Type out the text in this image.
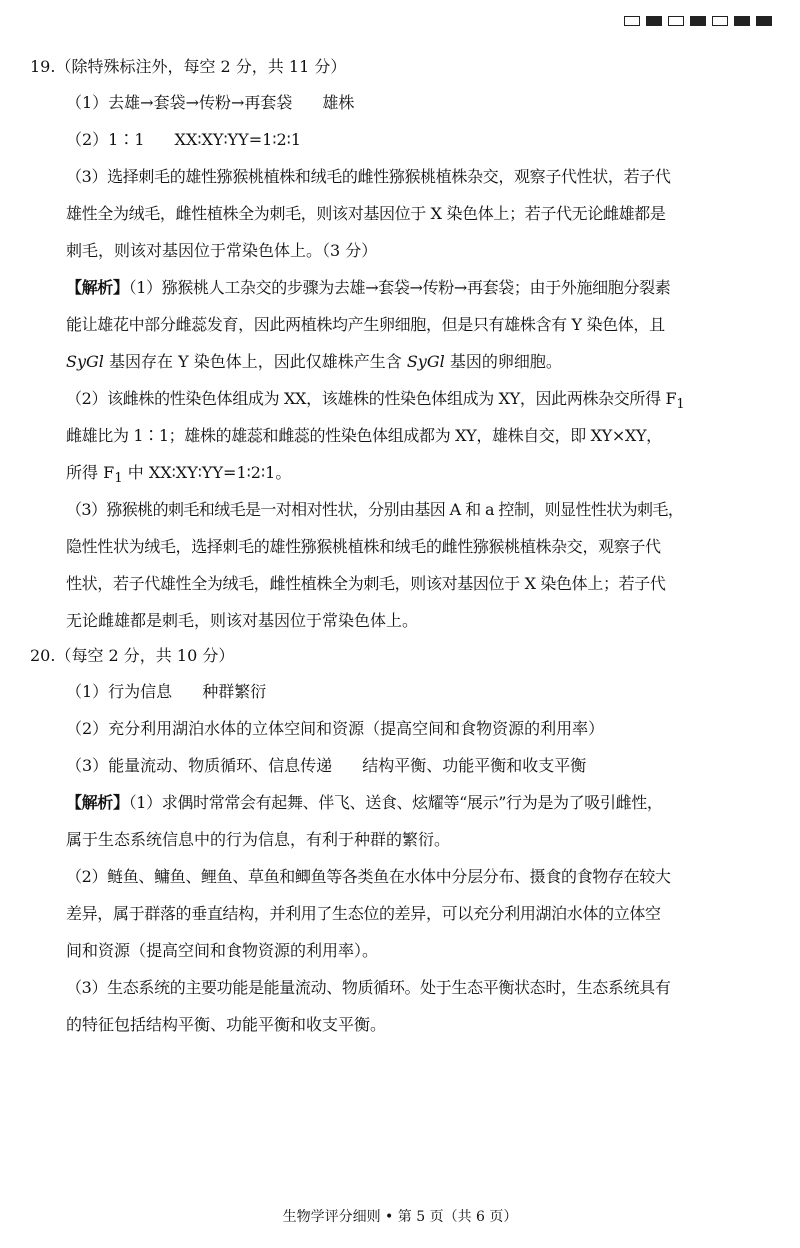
19.（除特殊标注外，每空 2 分，共 11 分）
（1）去雄→套袋→传粉→再套袋 雄株
（2）1∶1 XX∶XY∶YY=1∶2∶1
（3）选择刺毛的雄性猕猴桃植株和绒毛的雌性猕猴桃植株杂交，观察子代性状，若子代
雄性全为绒毛，雌性植株全为刺毛，则该对基因位于 X 染色体上；若子代无论雌雄都是
刺毛，则该对基因位于常染色体上。（3 分）
【解析】（1）猕猴桃人工杂交的步骤为去雄→套袋→传粉→再套袋；由于外施细胞分裂素
能让雄花中部分雌蕊发育，因此两植株均产生卵细胞，但是只有雄株含有 Y 染色体，且
SyGl 基因存在 Y 染色体上，因此仅雄株产生含 SyGl 基因的卵细胞。
（2）该雌株的性染色体组成为 XX，该雄株的性染色体组成为 XY，因此两株杂交所得 $F_1$
雌雄比为 1∶1；雄株的雄蕊和雌蕊的性染色体组成都为 XY，雄株自交，即 XY×XY，
所得 $F_1$ 中 XX∶XY∶YY=1∶2∶1。
（3）猕猴桃的刺毛和绒毛是一对相对性状，分别由基因 A 和 a 控制，则显性性状为刺毛，
隐性性状为绒毛，选择刺毛的雄性猕猴桃植株和绒毛的雌性猕猴桃植株杂交，观察子代
性状，若子代雄性全为绒毛，雌性植株全为刺毛，则该对基因位于 X 染色体上；若子代
无论雌雄都是刺毛，则该对基因位于常染色体上。
20.（每空 2 分，共 10 分）
（1）行为信息 种群繁衍
（2）充分利用湖泊水体的立体空间和资源（提高空间和食物资源的利用率）
（3）能量流动、物质循环、信息传递 结构平衡、功能平衡和收支平衡
【解析】（1）求偶时常常会有起舞、伴飞、送食、炫耀等“展示”行为是为了吸引雌性，
属于生态系统信息中的行为信息，有利于种群的繁衍。
（2）鲢鱼、鳙鱼、鲤鱼、草鱼和鲫鱼等各类鱼在水体中分层分布、摄食的食物存在较大
差异，属于群落的垂直结构，并利用了生态位的差异，可以充分利用湖泊水体的立体空
间和资源（提高空间和食物资源的利用率）。
（3）生态系统的主要功能是能量流动、物质循环。处于生态平衡状态时，生态系统具有
的特征包括结构平衡、功能平衡和收支平衡。
生物学评分细则 • 第 5 页（共 6 页）
